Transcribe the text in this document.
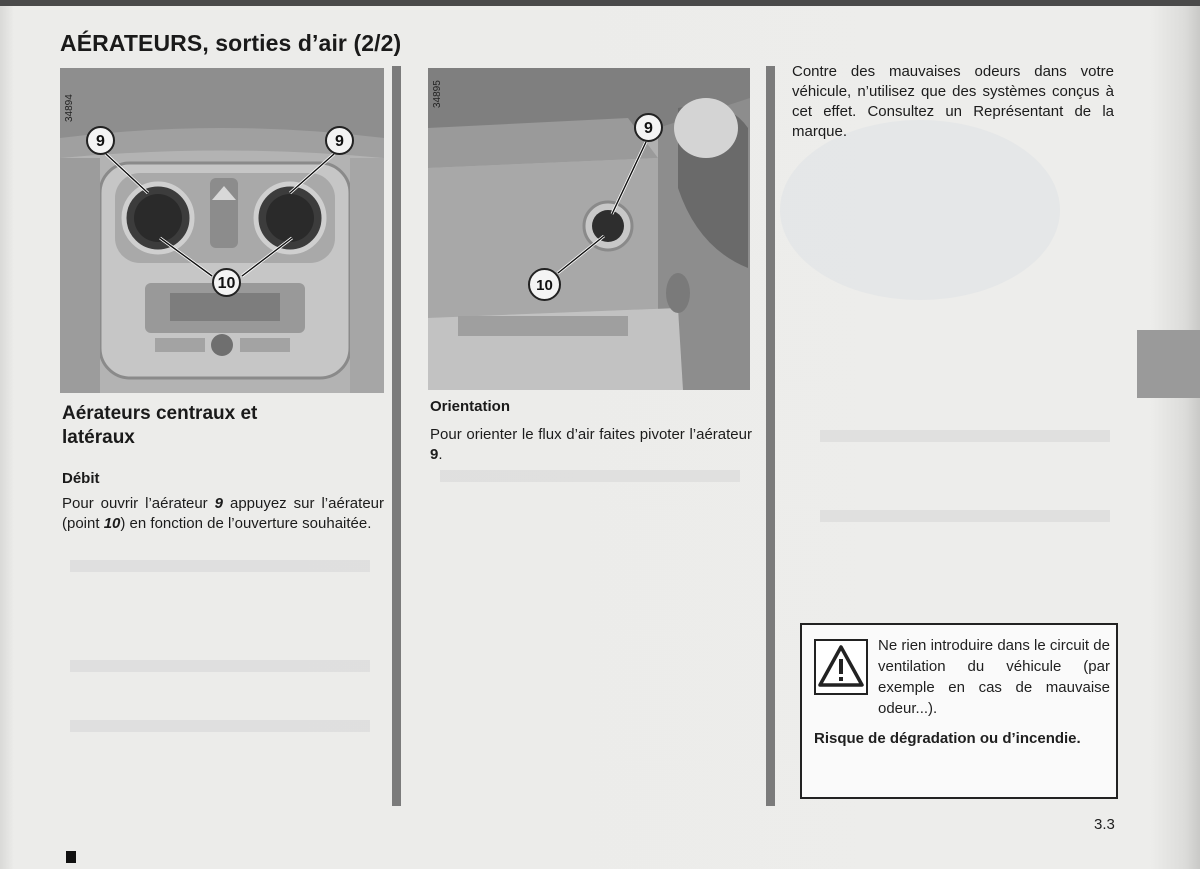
AÉRATEURS, sorties d’air (2/2)
34894
9	9
10
Aérateurs centraux et latéraux
Débit
Pour ouvrir l’aérateur 9 appuyez sur l’aérateur (point 10) en fonction de l’ouverture souhaitée.
34895
9
10
Orientation
Pour orienter le flux d’air faites pivoter l’aérateur 9.
Contre des mauvaises odeurs dans votre véhicule, n’utilisez que des systèmes conçus à cet effet. Consultez un Représentant de la marque.
Ne rien introduire dans le circuit de ventilation du véhicule (par exemple en cas de mauvaise odeur...).
Risque de dégradation ou d’incendie.
3.3
